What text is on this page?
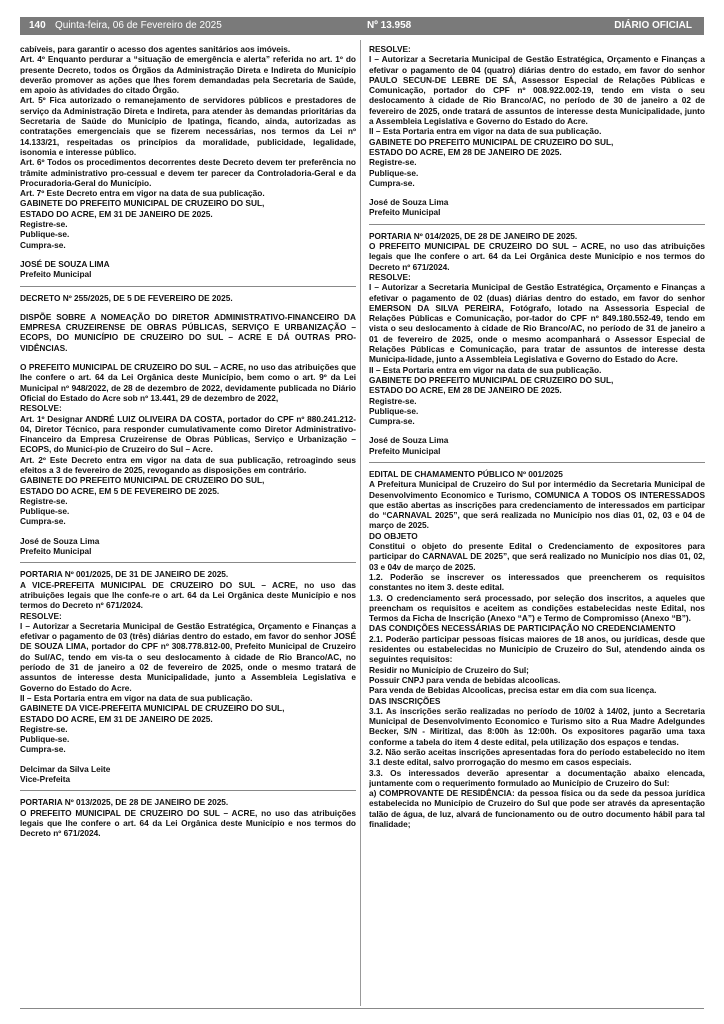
140 Quinta-feira, 06 de Fevereiro de 2025	Nº 13.958	DIÁRIO OFICIAL

cabíveis, para garantir o acesso dos agentes sanitários aos imóveis.

Art. 4º Enquanto perdurar a “situação de emergência e alerta” referida no art. 1º do presente Decreto, todos os Órgãos da Administração Direta e Indireta do Município deverão promover as ações que lhes forem demandadas pela Secretaria de Saúde, em apoio às atividades do citado Órgão.

Art. 5º Fica autorizado o remanejamento de servidores públicos e prestadores de serviço da Administração Direta e Indireta, para atender às demandas prioritárias da Secretaria de Saúde do Município de Ipatinga, ficando, ainda, autorizadas as contratações emergenciais que se fizerem necessárias, nos termos da Lei nº 14.133/21, respeitadas os princípios da moralidade, publicidade, legalidade, isonomia e interesse público.

Art. 6º Todos os procedimentos decorrentes deste Decreto devem ter preferência no trâmite administrativo pro-cessual e devem ter parecer da Controladoria-Geral e da Procuradoria-Geral do Município.

Art. 7º Este Decreto entra em vigor na data de sua publicação.

GABINETE DO PREFEITO MUNICIPAL DE CRUZEIRO DO SUL,

ESTADO DO ACRE, EM 31 DE JANEIRO DE 2025.

Registre-se.

Publique-se.

Cumpra-se.

JOSÉ DE SOUZA LIMA

Prefeito Municipal

DECRETO Nº 255/2025, DE 5 DE FEVEREIRO DE 2025.

DISPÕE SOBRE A NOMEAÇÃO DO DIRETOR ADMINISTRATIVO-FINANCEIRO DA EMPRESA CRUZEIRENSE DE OBRAS PÚBLICAS, SERVIÇO E URBANIZAÇÃO – ECOPS, DO MUNICÍPIO DE CRUZEIRO DO SUL – ACRE E DÁ OUTRAS PRO-VIDÊNCIAS.

O PREFEITO MUNICIPAL DE CRUZEIRO DO SUL – ACRE, no uso das atribuições que lhe confere o art. 64 da Lei Orgânica deste Município, bem como o art. 9º da Lei Municipal nº 948/2022, de 28 de dezembro de 2022, devidamente publicada no Diário Oficial do Estado do Acre sob nº 13.441, 29 de dezembro de 2022,

RESOLVE:

Art. 1º Designar ANDRÉ LUIZ OLIVEIRA DA COSTA, portador do CPF nº 880.241.212-04, Diretor Técnico, para responder cumulativamente como Diretor Administrativo-Financeiro da Empresa Cruzeirense de Obras Públicas, Serviço e Urbanização – ECOPS, do Municí-pio de Cruzeiro do Sul – Acre.

Art. 2º Este Decreto entra em vigor na data de sua publicação, retroagindo seus efeitos a 3 de fevereiro de 2025, revogando as disposições em contrário.

GABINETE DO PREFEITO MUNICIPAL DE CRUZEIRO DO SUL,

ESTADO DO ACRE, EM 5 DE FEVEREIRO DE 2025.

Registre-se.

Publique-se.

Cumpra-se.

José de Souza Lima

Prefeito Municipal

PORTARIA Nº 001/2025, DE 31 DE JANEIRO DE 2025.

A VICE-PREFEITA MUNICIPAL DE CRUZEIRO DO SUL – ACRE, no uso das atribuições legais que lhe confe-re o art. 64 da Lei Orgânica deste Município e nos termos do Decreto nº 671/2024.

RESOLVE:

I – Autorizar a Secretaria Municipal de Gestão Estratégica, Orçamento e Finanças a efetivar o pagamento de 03 (três) diárias dentro do estado, em favor do senhor JOSÉ DE SOUZA LIMA, portador do CPF nº 308.778.812-00, Prefeito Municipal de Cruzeiro do Sul/AC, tendo em vis-ta o seu deslocamento à cidade de Rio Branco/AC, no período de 31 de janeiro a 02 de fevereiro de 2025, onde o mesmo tratará de assuntos de interesse desta Municipalidade, junto a Assembleia Legislativa e Governo do Estado do Acre.

II – Esta Portaria entra em vigor na data de sua publicação.

GABINETE DA VICE-PREFEITA MUNICIPAL DE CRUZEIRO DO SUL,

ESTADO DO ACRE, EM 31 DE JANEIRO DE 2025.

Registre-se.

Publique-se.

Cumpra-se.

Delcimar da Silva Leite

Vice-Prefeita

PORTARIA Nº 013/2025, DE 28 DE JANEIRO DE 2025.

O PREFEITO MUNICIPAL DE CRUZEIRO DO SUL – ACRE, no uso das atribuições legais que lhe confere o art. 64 da Lei Orgânica deste Município e nos termos do Decreto nº 671/2024.

RESOLVE:

I – Autorizar a Secretaria Municipal de Gestão Estratégica, Orçamento e Finanças a efetivar o pagamento de 04 (quatro) diárias dentro do estado, em favor do senhor PAULO SECUN-DE LEBRE DE SÁ, Assessor Especial de Relações Públicas e Comunicação, portador do CPF nº 008.922.002-19, tendo em vista o seu deslocamento à cidade de Rio Branco/AC, no período de 30 de janeiro a 02 de fevereiro de 2025, onde tratará de assuntos de interesse desta Municipalidade, junto a Assembleia Legislativa e Governo do Estado do Acre.

II – Esta Portaria entra em vigor na data de sua publicação.

GABINETE DO PREFEITO MUNICIPAL DE CRUZEIRO DO SUL,

ESTADO DO ACRE, EM 28 DE JANEIRO DE 2025.

Registre-se.

Publique-se.

Cumpra-se.

José de Souza Lima

Prefeito Municipal

PORTARIA Nº 014/2025, DE 28 DE JANEIRO DE 2025.

O PREFEITO MUNICIPAL DE CRUZEIRO DO SUL – ACRE, no uso das atribuições legais que lhe confere o art. 64 da Lei Orgânica deste Município e nos termos do Decreto nº 671/2024.

RESOLVE:

I – Autorizar a Secretaria Municipal de Gestão Estratégica, Orçamento e Finanças a efetivar o pagamento de 02 (duas) diárias dentro do estado, em favor do senhor EMERSON DA SILVA PEREIRA, Fotógrafo, lotado na Assessoria Especial de Relações Públicas e Comunicação, por-tador do CPF nº 849.180.552-49, tendo em vista o seu deslocamento à cidade de Rio Branco/AC, no período de 31 de janeiro a 01 de fevereiro de 2025, onde o mesmo acompanhará o Assessor Especial de Relações Públicas e Comunicação, para tratar de assuntos de interesse desta Municipa-lidade, junto a Assembleia Legislativa e Governo do Estado do Acre.

II – Esta Portaria entra em vigor na data de sua publicação.

GABINETE DO PREFEITO MUNICIPAL DE CRUZEIRO DO SUL,

ESTADO DO ACRE, EM 28 DE JANEIRO DE 2025.

Registre-se.

Publique-se.

Cumpra-se.

José de Souza Lima

Prefeito Municipal

EDITAL DE CHAMAMENTO PÚBLICO Nº 001/2025

A Prefeitura Municipal de Cruzeiro do Sul por intermédio da Secretaria Municipal de Desenvolvimento Economico e Turismo, COMUNICA A TODOS OS INTERESSADOS que estão abertas as inscrições para credenciamento de interessados em participar do “CARNAVAL 2025”, que será realizada no Município nos dias 01, 02, 03 e 04 de março de 2025.

DO OBJETO

Constitui o objeto do presente Edital o Credenciamento de expositores para participar do CARNAVAL DE 2025”, que será realizado no Município nos dias 01, 02, 03 e 04v de março de 2025.

1.2. Poderão se inscrever os interessados que preencherem os requisitos constantes no item 3. deste edital.

1.3. O credenciamento será processado, por seleção dos inscritos, a aqueles que preencham os requisitos e aceitem as condições estabelecidas neste Edital, nos Termos da Ficha de Inscrição (Anexo “A”) e Termo de Compromisso (Anexo “B”).

DAS CONDIÇÕES NECESSÁRIAS DE PARTICIPAÇÃO NO CREDENCIAMENTO

2.1. Poderão participar pessoas físicas maiores de 18 anos, ou jurídicas, desde que residentes ou estabelecidas no Município de Cruzeiro do Sul, atendendo ainda os seguintes requisitos:

Residir no Município de Cruzeiro do Sul;

Possuir CNPJ para venda de bebidas alcoolicas.

Para venda de Bebidas Alcoolicas, precisa estar em dia com sua licença.

DAS INSCRIÇÕES

3.1. As inscrições serão realizadas no período de 10/02 à 14/02, junto a Secretaria Municipal de Desenvolvimento Economico e Turismo sito a Rua Madre Adelgundes Becker, S/N - Miritizal, das 8:00h às 12:00h. Os expositores pagarão uma taxa conforme a tabela do item 4 deste edital, pela utilização dos espaços e tendas.

3.2. Não serão aceitas inscrições apresentadas fora do período estabelecido no item 3.1 deste edital, salvo prorrogação do mesmo em casos especiais.

3.3. Os interessados deverão apresentar a documentação abaixo elencada, juntamente com o requerimento formulado ao Município de Cruzeiro do Sul:

a) COMPROVANTE DE RESIDÊNCIA: da pessoa física ou da sede da pessoa jurídica estabelecida no Município de Cruzeiro do Sul que pode ser através da apresentação talão de água, de luz, alvará de funcionamento ou de outro documento hábil para tal finalidade;
